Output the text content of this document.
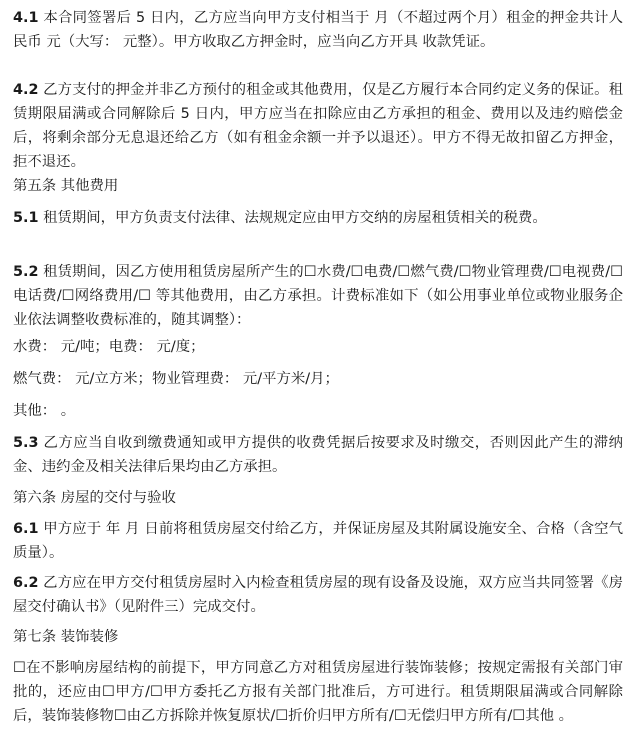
4.1 本合同签署后 5 日内，乙方应当向甲方支付相当于 月（不超过两个月）租金的押金共计人民币 元（大写： 元整）。甲方收取乙方押金时，应当向乙方开具 收款凭证。

4.2 乙方支付的押金并非乙方预付的租金或其他费用，仅是乙方履行本合同约定义务的保证。租赁期限届满或合同解除后 5 日内，甲方应当在扣除应由乙方承担的租金、费用以及违约赔偿金后，将剩余部分无息退还给乙方（如有租金余额一并予以退还）。甲方不得无故扣留乙方押金，拒不退还。

第五条 其他费用

5.1 租赁期间，甲方负责支付法律、法规规定应由甲方交纳的房屋租赁相关的税费。

5.2 租赁期间，因乙方使用租赁房屋所产生的☐水费/☐电费/☐燃气费/☐物业管理费/☐电视费/☐电话费/☐网络费用/☐ 等其他费用，由乙方承担。计费标准如下（如公用事业单位或物业服务企业依法调整收费标准的，随其调整）：

水费： 元/吨；电费： 元/度；

燃气费： 元/立方米；物业管理费： 元/平方米/月；

其他： 。

5.3 乙方应当自收到缴费通知或甲方提供的收费凭据后按要求及时缴交，否则因此产生的滞纳金、违约金及相关法律后果均由乙方承担。

第六条 房屋的交付与验收

6.1 甲方应于 年 月 日前将租赁房屋交付给乙方，并保证房屋及其附属设施安全、合格（含空气质量）。

6.2 乙方应在甲方交付租赁房屋时入内检查租赁房屋的现有设备及设施，双方应当共同签署《房屋交付确认书》（见附件三）完成交付。

第七条 装饰装修

☐在不影响房屋结构的前提下，甲方同意乙方对租赁房屋进行装饰装修；按规定需报有关部门审批的，还应由☐甲方/☐甲方委托乙方报有关部门批准后，方可进行。租赁期限届满或合同解除后，装饰装修物☐由乙方拆除并恢复原状/☐折价归甲方所有/☐无偿归甲方所有/☐其他 。
